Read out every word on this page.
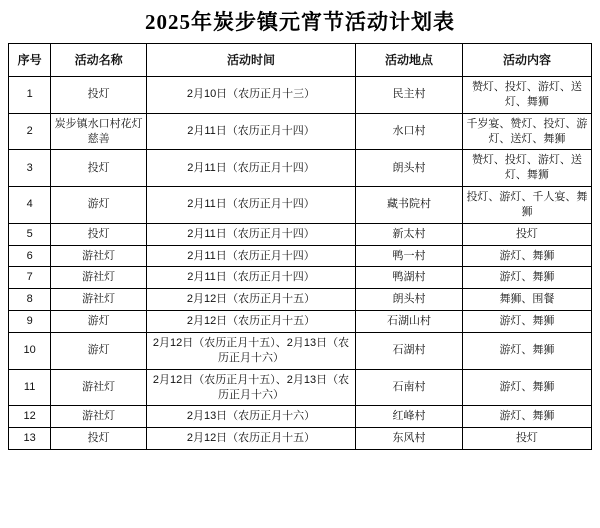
2025年炭步镇元宵节活动计划表
序号	活动名称	活动时间	活动地点	活动内容
1	投灯	2月10日（农历正月十三）	民主村	赞灯、投灯、游灯、送灯、舞狮
2	炭步镇水口村花灯慈善	2月11日（农历正月十四）	水口村	千岁宴、赞灯、投灯、游灯、送灯、舞狮
3	投灯	2月11日（农历正月十四）	朗头村	赞灯、投灯、游灯、送灯、舞狮
4	游灯	2月11日（农历正月十四）	藏书院村	投灯、游灯、千人宴、舞狮
5	投灯	2月11日（农历正月十四）	新太村	投灯
6	游社灯	2月11日（农历正月十四）	鸭一村	游灯、舞狮
7	游社灯	2月11日（农历正月十四）	鸭湖村	游灯、舞狮
8	游社灯	2月12日（农历正月十五）	朗头村	舞狮、围餐
9	游灯	2月12日（农历正月十五）	石湖山村	游灯、舞狮
10	游灯	2月12日（农历正月十五）、2月13日（农历正月十六）	石湖村	游灯、舞狮
11	游社灯	2月12日（农历正月十五）、2月13日（农历正月十六）	石南村	游灯、舞狮
12	游社灯	2月13日（农历正月十六）	红峰村	游灯、舞狮
13	投灯	2月12日（农历正月十五）	东风村	投灯
